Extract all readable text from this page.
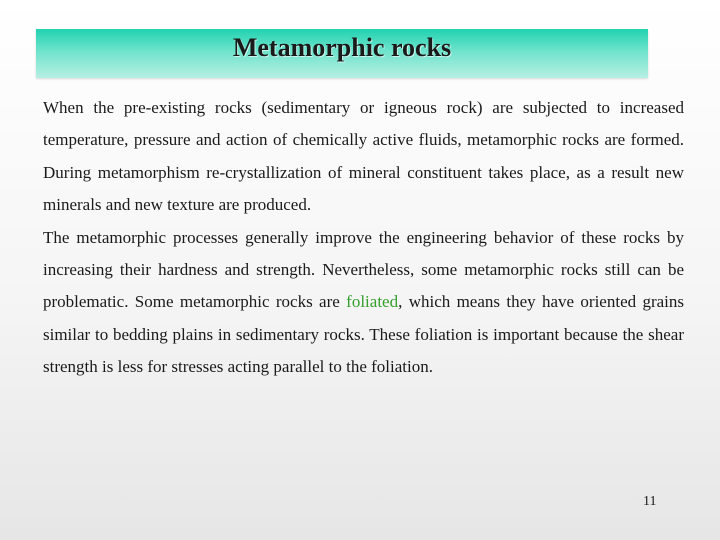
Metamorphic rocks

When the pre-existing rocks (sedimentary or igneous rock) are subjected to increased temperature, pressure and action of chemically active fluids, metamorphic rocks are formed. During metamorphism re-crystallization of mineral constituent takes place, as a result new minerals and new texture are produced.

The metamorphic processes generally improve the engineering behavior of these rocks by increasing their hardness and strength. Nevertheless, some metamorphic rocks still can be problematic. Some metamorphic rocks are foliated, which means they have oriented grains similar to bedding plains in sedimentary rocks. These foliation is important because the shear strength is less for stresses acting parallel to the foliation.

11
